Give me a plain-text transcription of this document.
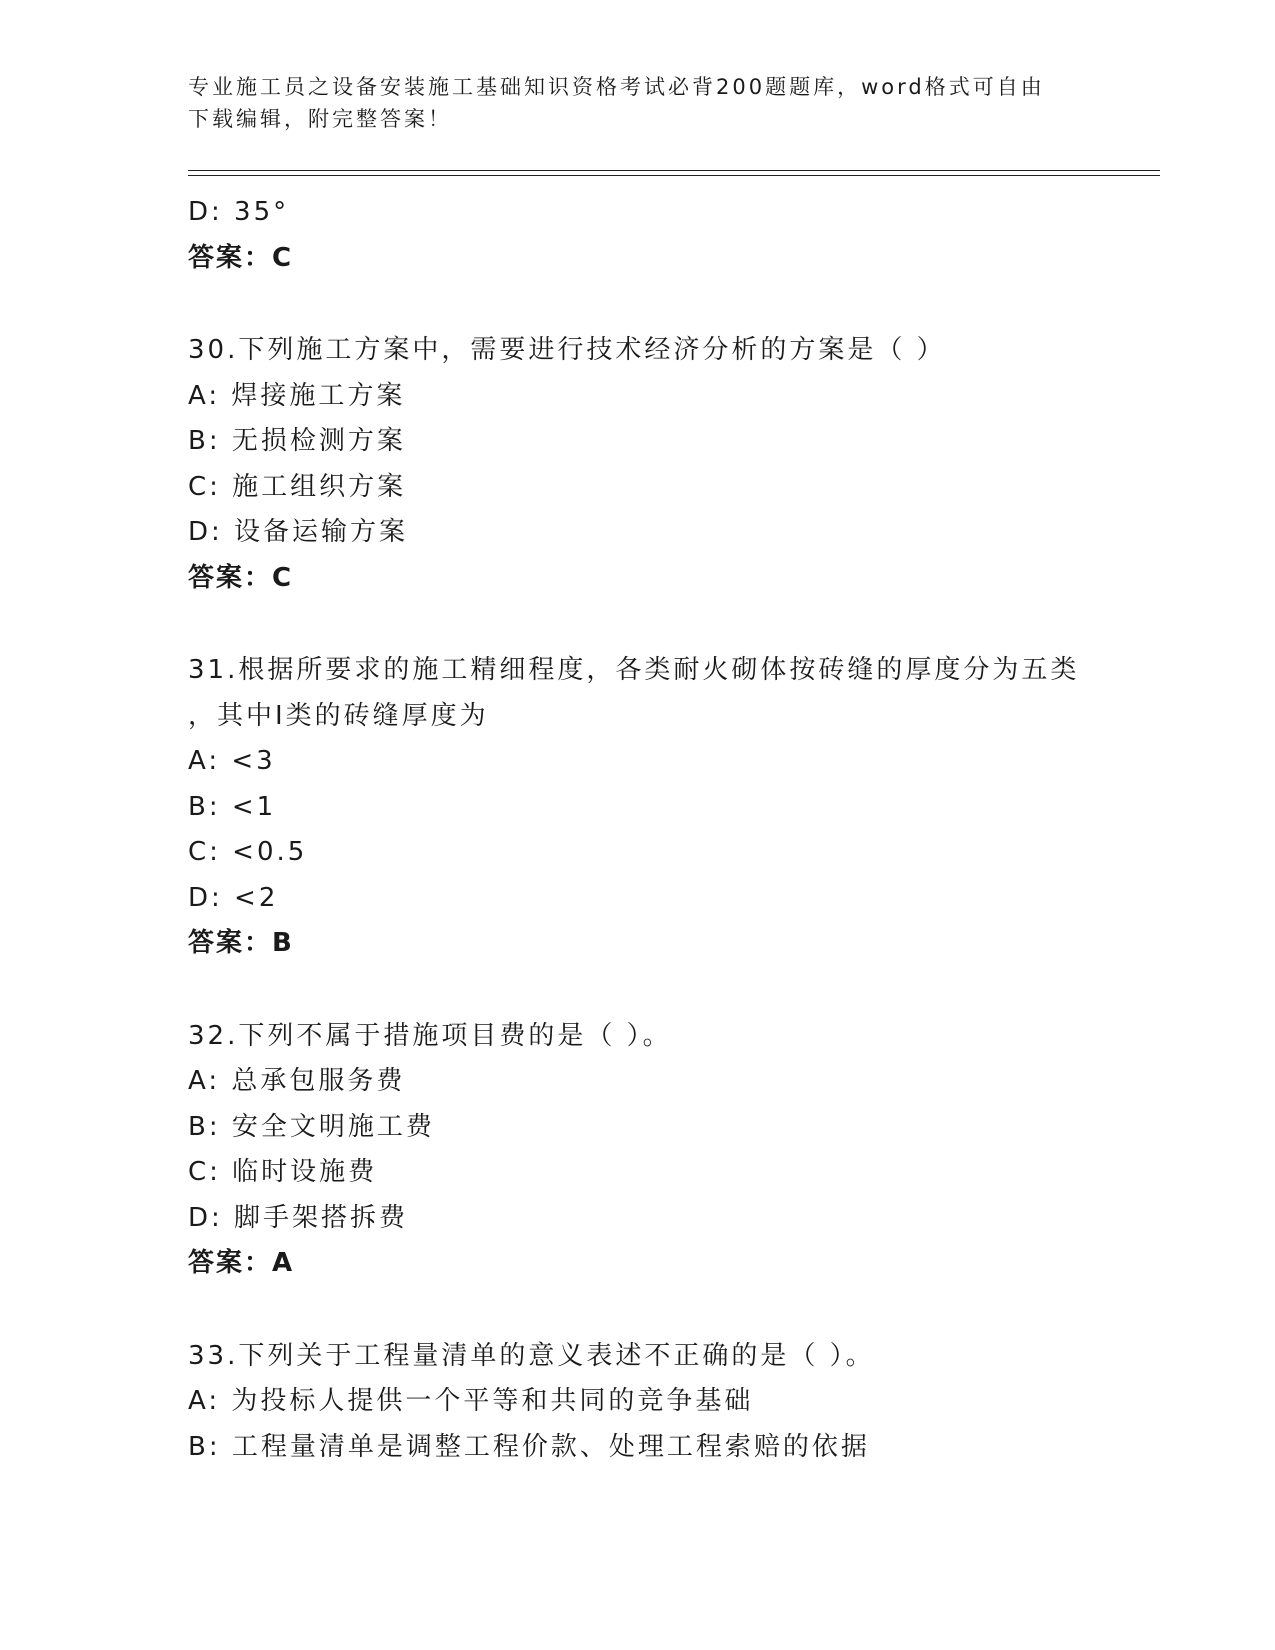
专业施工员之设备安装施工基础知识资格考试必背200题题库，word格式可自由
下载编辑，附完整答案！
D: 35°
答案：C
30.下列施工方案中，需要进行技术经济分析的方案是（ ）
A: 焊接施工方案
B: 无损检测方案
C: 施工组织方案
D: 设备运输方案
答案：C
31.根据所要求的施工精细程度，各类耐火砌体按砖缝的厚度分为五类
，其中Ⅰ类的砖缝厚度为
A: <3
B: <1
C: <0.5
D: <2
答案：B
32.下列不属于措施项目费的是（ ）。
A: 总承包服务费
B: 安全文明施工费
C: 临时设施费
D: 脚手架搭拆费
答案：A
33.下列关于工程量清单的意义表述不正确的是（ ）。
A: 为投标人提供一个平等和共同的竞争基础
B: 工程量清单是调整工程价款、处理工程索赔的依据
